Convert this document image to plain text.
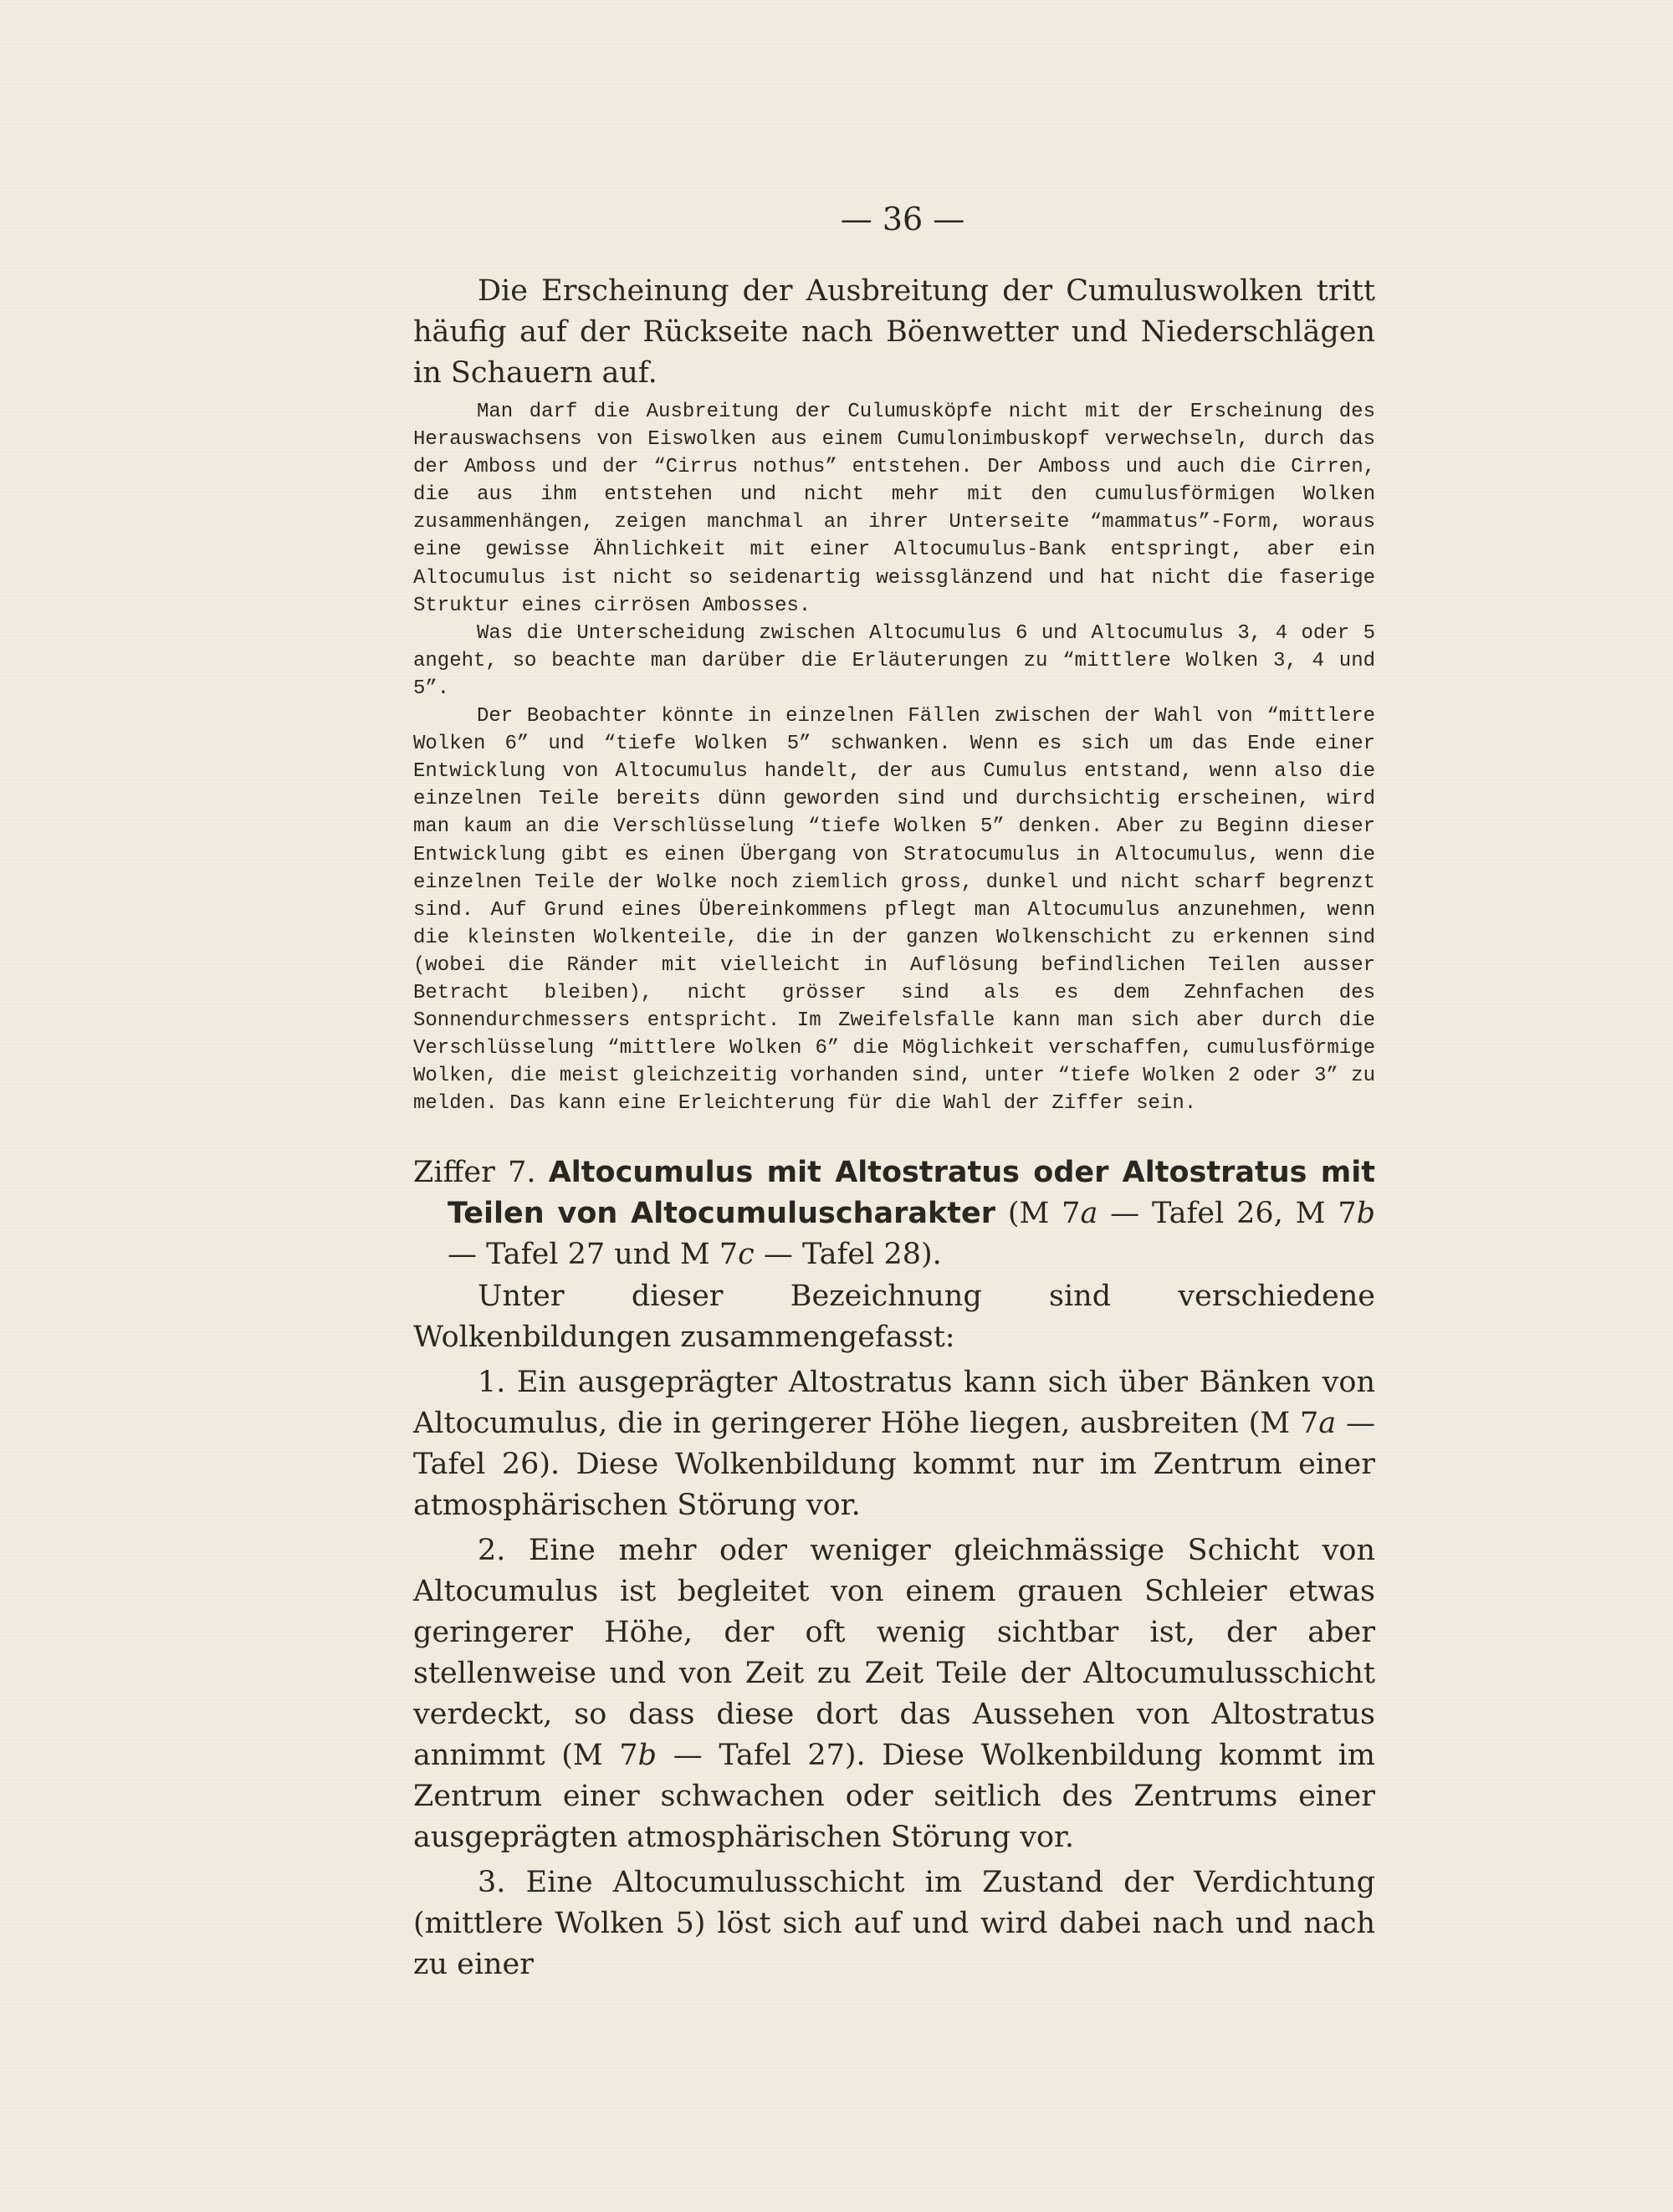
— 36 —

Die Erscheinung der Ausbreitung der Cumuluswolken tritt häufig auf der Rückseite nach Böenwetter und Niederschlägen in Schauern auf.

Man darf die Ausbreitung der Culumusköpfe nicht mit der Erscheinung des Herauswachsens von Eiswolken aus einem Cumulonimbuskopf verwechseln, durch das der Amboss und der “Cirrus nothus” entstehen. Der Amboss und auch die Cirren, die aus ihm entstehen und nicht mehr mit den cumulusförmigen Wolken zusammenhängen, zeigen manchmal an ihrer Unterseite “mammatus”-Form, woraus eine gewisse Ähnlichkeit mit einer Altocumulus-Bank entspringt, aber ein Altocumulus ist nicht so seidenartig weissglänzend und hat nicht die faserige Struktur eines cirrösen Ambosses.

Was die Unterscheidung zwischen Altocumulus 6 und Altocumulus 3, 4 oder 5 angeht, so beachte man darüber die Erläuterungen zu “mittlere Wolken 3, 4 und 5”.

Der Beobachter könnte in einzelnen Fällen zwischen der Wahl von “mittlere Wolken 6” und “tiefe Wolken 5” schwanken. Wenn es sich um das Ende einer Entwicklung von Altocumulus handelt, der aus Cumulus entstand, wenn also die einzelnen Teile bereits dünn geworden sind und durchsichtig erscheinen, wird man kaum an die Verschlüsselung “tiefe Wolken 5” denken. Aber zu Beginn dieser Entwicklung gibt es einen Übergang von Stratocumulus in Altocumulus, wenn die einzelnen Teile der Wolke noch ziemlich gross, dunkel und nicht scharf begrenzt sind. Auf Grund eines Übereinkommens pflegt man Altocumulus anzunehmen, wenn die kleinsten Wolkenteile, die in der ganzen Wolkenschicht zu erkennen sind (wobei die Ränder mit vielleicht in Auflösung befindlichen Teilen ausser Betracht bleiben), nicht grösser sind als es dem Zehnfachen des Sonnendurchmessers entspricht. Im Zweifelsfalle kann man sich aber durch die Verschlüsselung “mittlere Wolken 6” die Möglichkeit verschaffen, cumulusförmige Wolken, die meist gleichzeitig vorhanden sind, unter “tiefe Wolken 2 oder 3” zu melden. Das kann eine Erleichterung für die Wahl der Ziffer sein.

Ziffer 7. Altocumulus mit Altostratus oder Altostratus mit Teilen von Altocumuluscharakter (M 7a — Tafel 26, M 7b — Tafel 27 und M 7c — Tafel 28).

Unter dieser Bezeichnung sind verschiedene Wolkenbildungen zusammengefasst:

1. Ein ausgeprägter Altostratus kann sich über Bänken von Altocumulus, die in geringerer Höhe liegen, ausbreiten (M 7a — Tafel 26). Diese Wolkenbildung kommt nur im Zentrum einer atmosphärischen Störung vor.

2. Eine mehr oder weniger gleichmässige Schicht von Altocumulus ist begleitet von einem grauen Schleier etwas geringerer Höhe, der oft wenig sichtbar ist, der aber stellenweise und von Zeit zu Zeit Teile der Altocumulusschicht verdeckt, so dass diese dort das Aussehen von Altostratus annimmt (M 7b — Tafel 27). Diese Wolkenbildung kommt im Zentrum einer schwachen oder seitlich des Zentrums einer ausgeprägten atmosphärischen Störung vor.

3. Eine Altocumulusschicht im Zustand der Verdichtung (mittlere Wolken 5) löst sich auf und wird dabei nach und nach zu einer
